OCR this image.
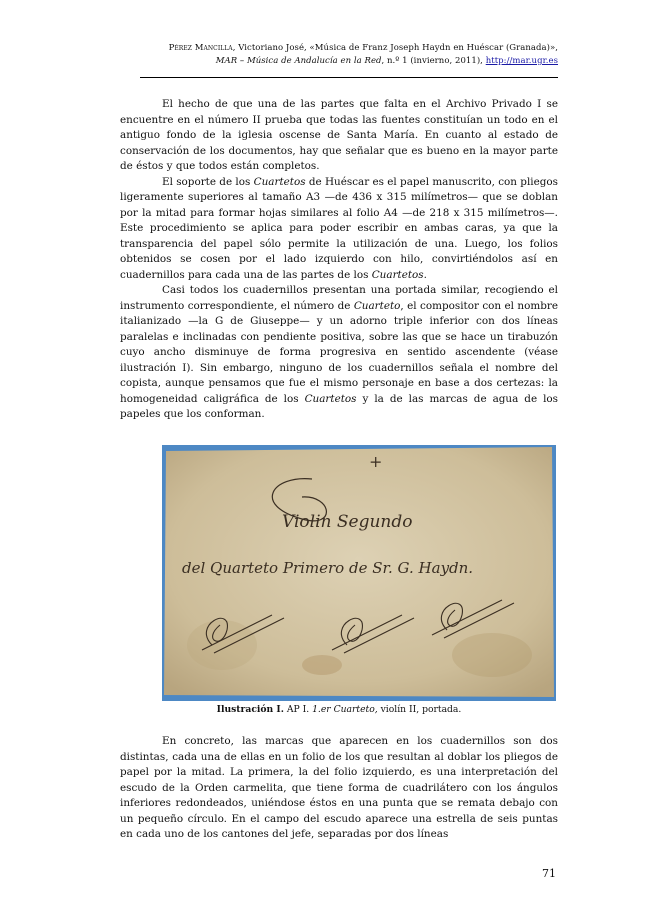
Pérez Mancilla, Victoriano José, «Música de Franz Joseph Haydn en Huéscar (Granada)»,
MAR – Música de Andalucía en la Red, n.º 1 (invierno, 2011), http://mar.ugr.es

El hecho de que una de las partes que falta en el Archivo Privado I se encuentre en el número II prueba que todas las fuentes constituían un todo en el antiguo fondo de la iglesia oscense de Santa María. En cuanto al estado de conservación de los documentos, hay que señalar que es bueno en la mayor parte de éstos y que todos están completos.

El soporte de los Cuartetos de Huéscar es el papel manuscrito, con pliegos ligeramente superiores al tamaño A3 —de 436 x 315 milímetros— que se doblan por la mitad para formar hojas similares al folio A4 —de 218 x 315 milímetros—. Este procedimiento se aplica para poder escribir en ambas caras, ya que la transparencia del papel sólo permite la utilización de una. Luego, los folios obtenidos se cosen por el lado izquierdo con hilo, convirtiéndolos así en cuadernillos para cada una de las partes de los Cuartetos.

Casi todos los cuadernillos presentan una portada similar, recogiendo el instrumento correspondiente, el número de Cuarteto, el compositor con el nombre italianizado —la G de Giuseppe— y un adorno triple inferior con dos líneas paralelas e inclinadas con pendiente positiva, sobre las que se hace un tirabuzón cuyo ancho disminuye de forma progresiva en sentido ascendente (véase ilustración I). Sin embargo, ninguno de los cuadernillos señala el nombre del copista, aunque pensamos que fue el mismo personaje en base a dos certezas: la homogeneidad caligráfica de los Cuartetos y la de las marcas de agua de los papeles que los conforman.

+
Violin Segundo
del Quarteto Primero de Sr. G. Haydn.
Ilustración I. AP I. 1.er Cuarteto, violín II, portada.

En concreto, las marcas que aparecen en los cuadernillos son dos distintas, cada una de ellas en un folio de los que resultan al doblar los pliegos de papel por la mitad. La primera, la del folio izquierdo, es una interpretación del escudo de la Orden carmelita, que tiene forma de cuadrilátero con los ángulos inferiores redondeados, uniéndose éstos en una punta que se remata debajo con un pequeño círculo. En el campo del escudo aparece una estrella de seis puntas en cada uno de los cantones del jefe, separadas por dos líneas

71
